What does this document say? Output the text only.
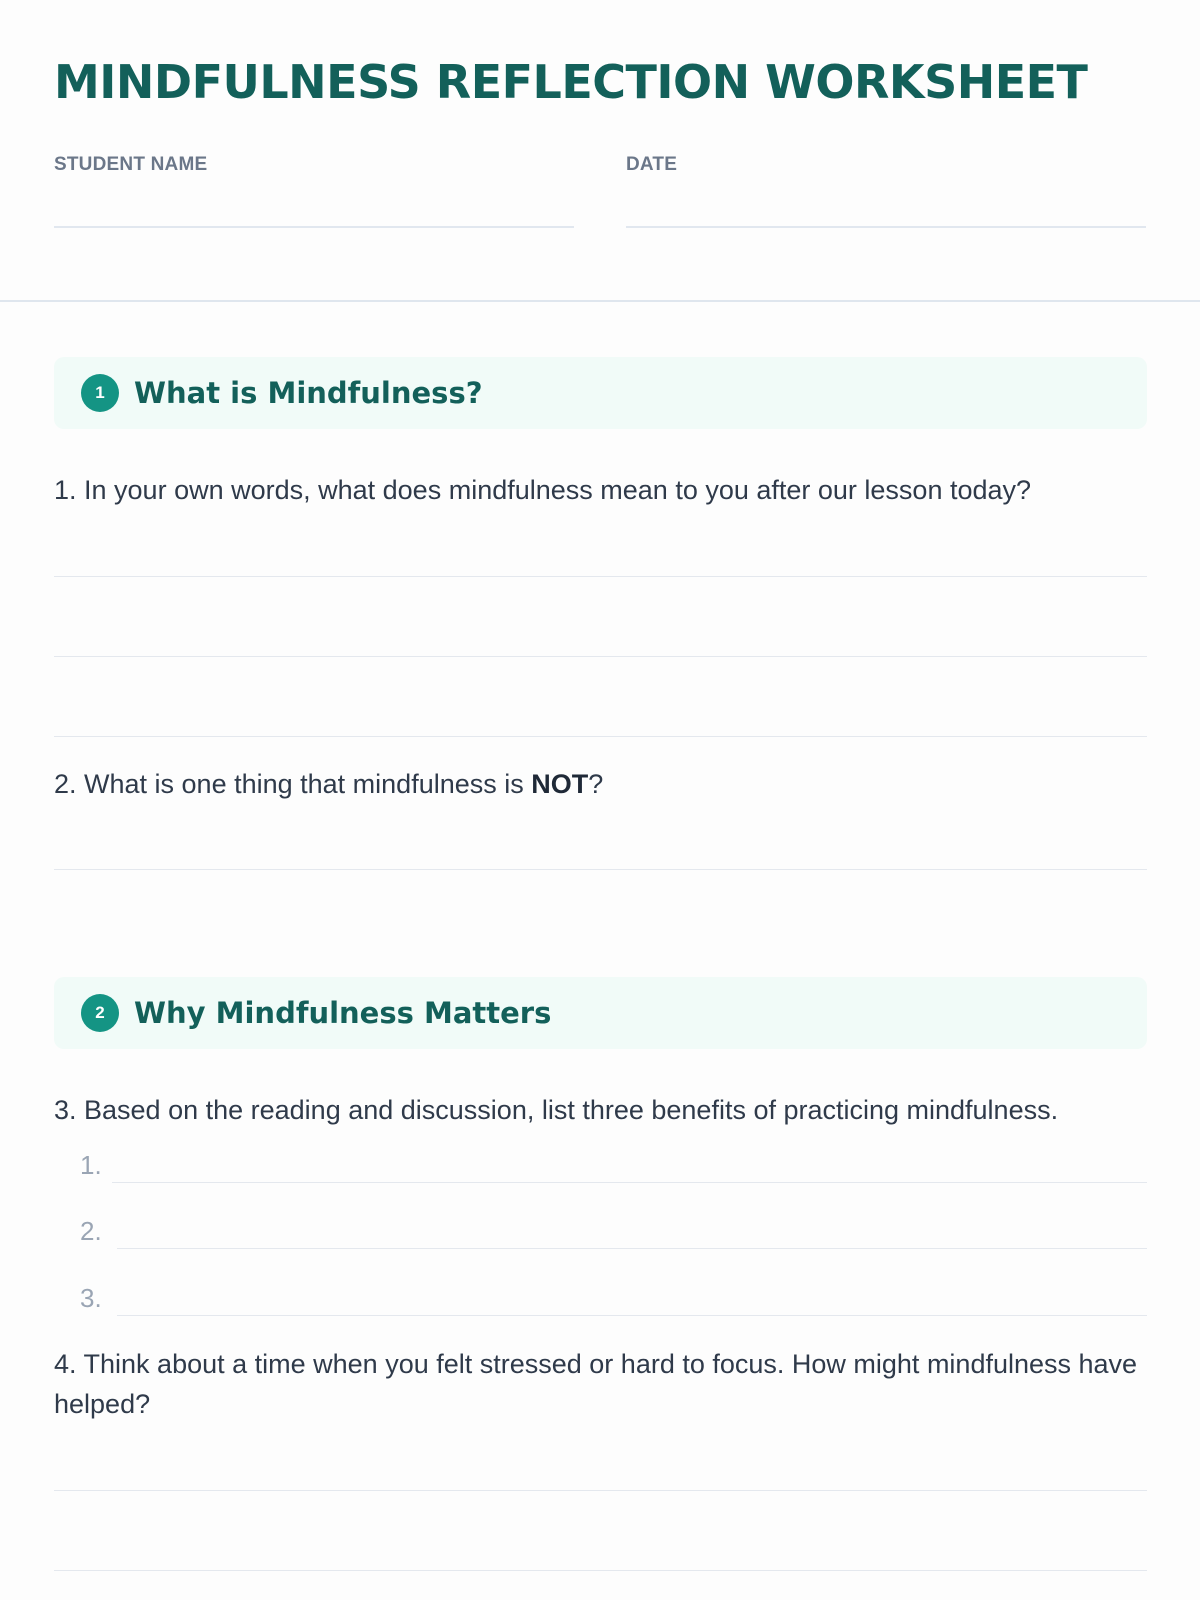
MINDFULNESS REFLECTION WORKSHEET
STUDENT NAME	DATE
1	What is Mindfulness?

1. In your own words, what does mindfulness mean to you after our lesson today?

2. What is one thing that mindfulness is NOT?

2	Why Mindfulness Matters

3. Based on the reading and discussion, list three benefits of practicing mindfulness.

1.
2.
3.

4. Think about a time when you felt stressed or hard to focus. How might mindfulness have helped?
